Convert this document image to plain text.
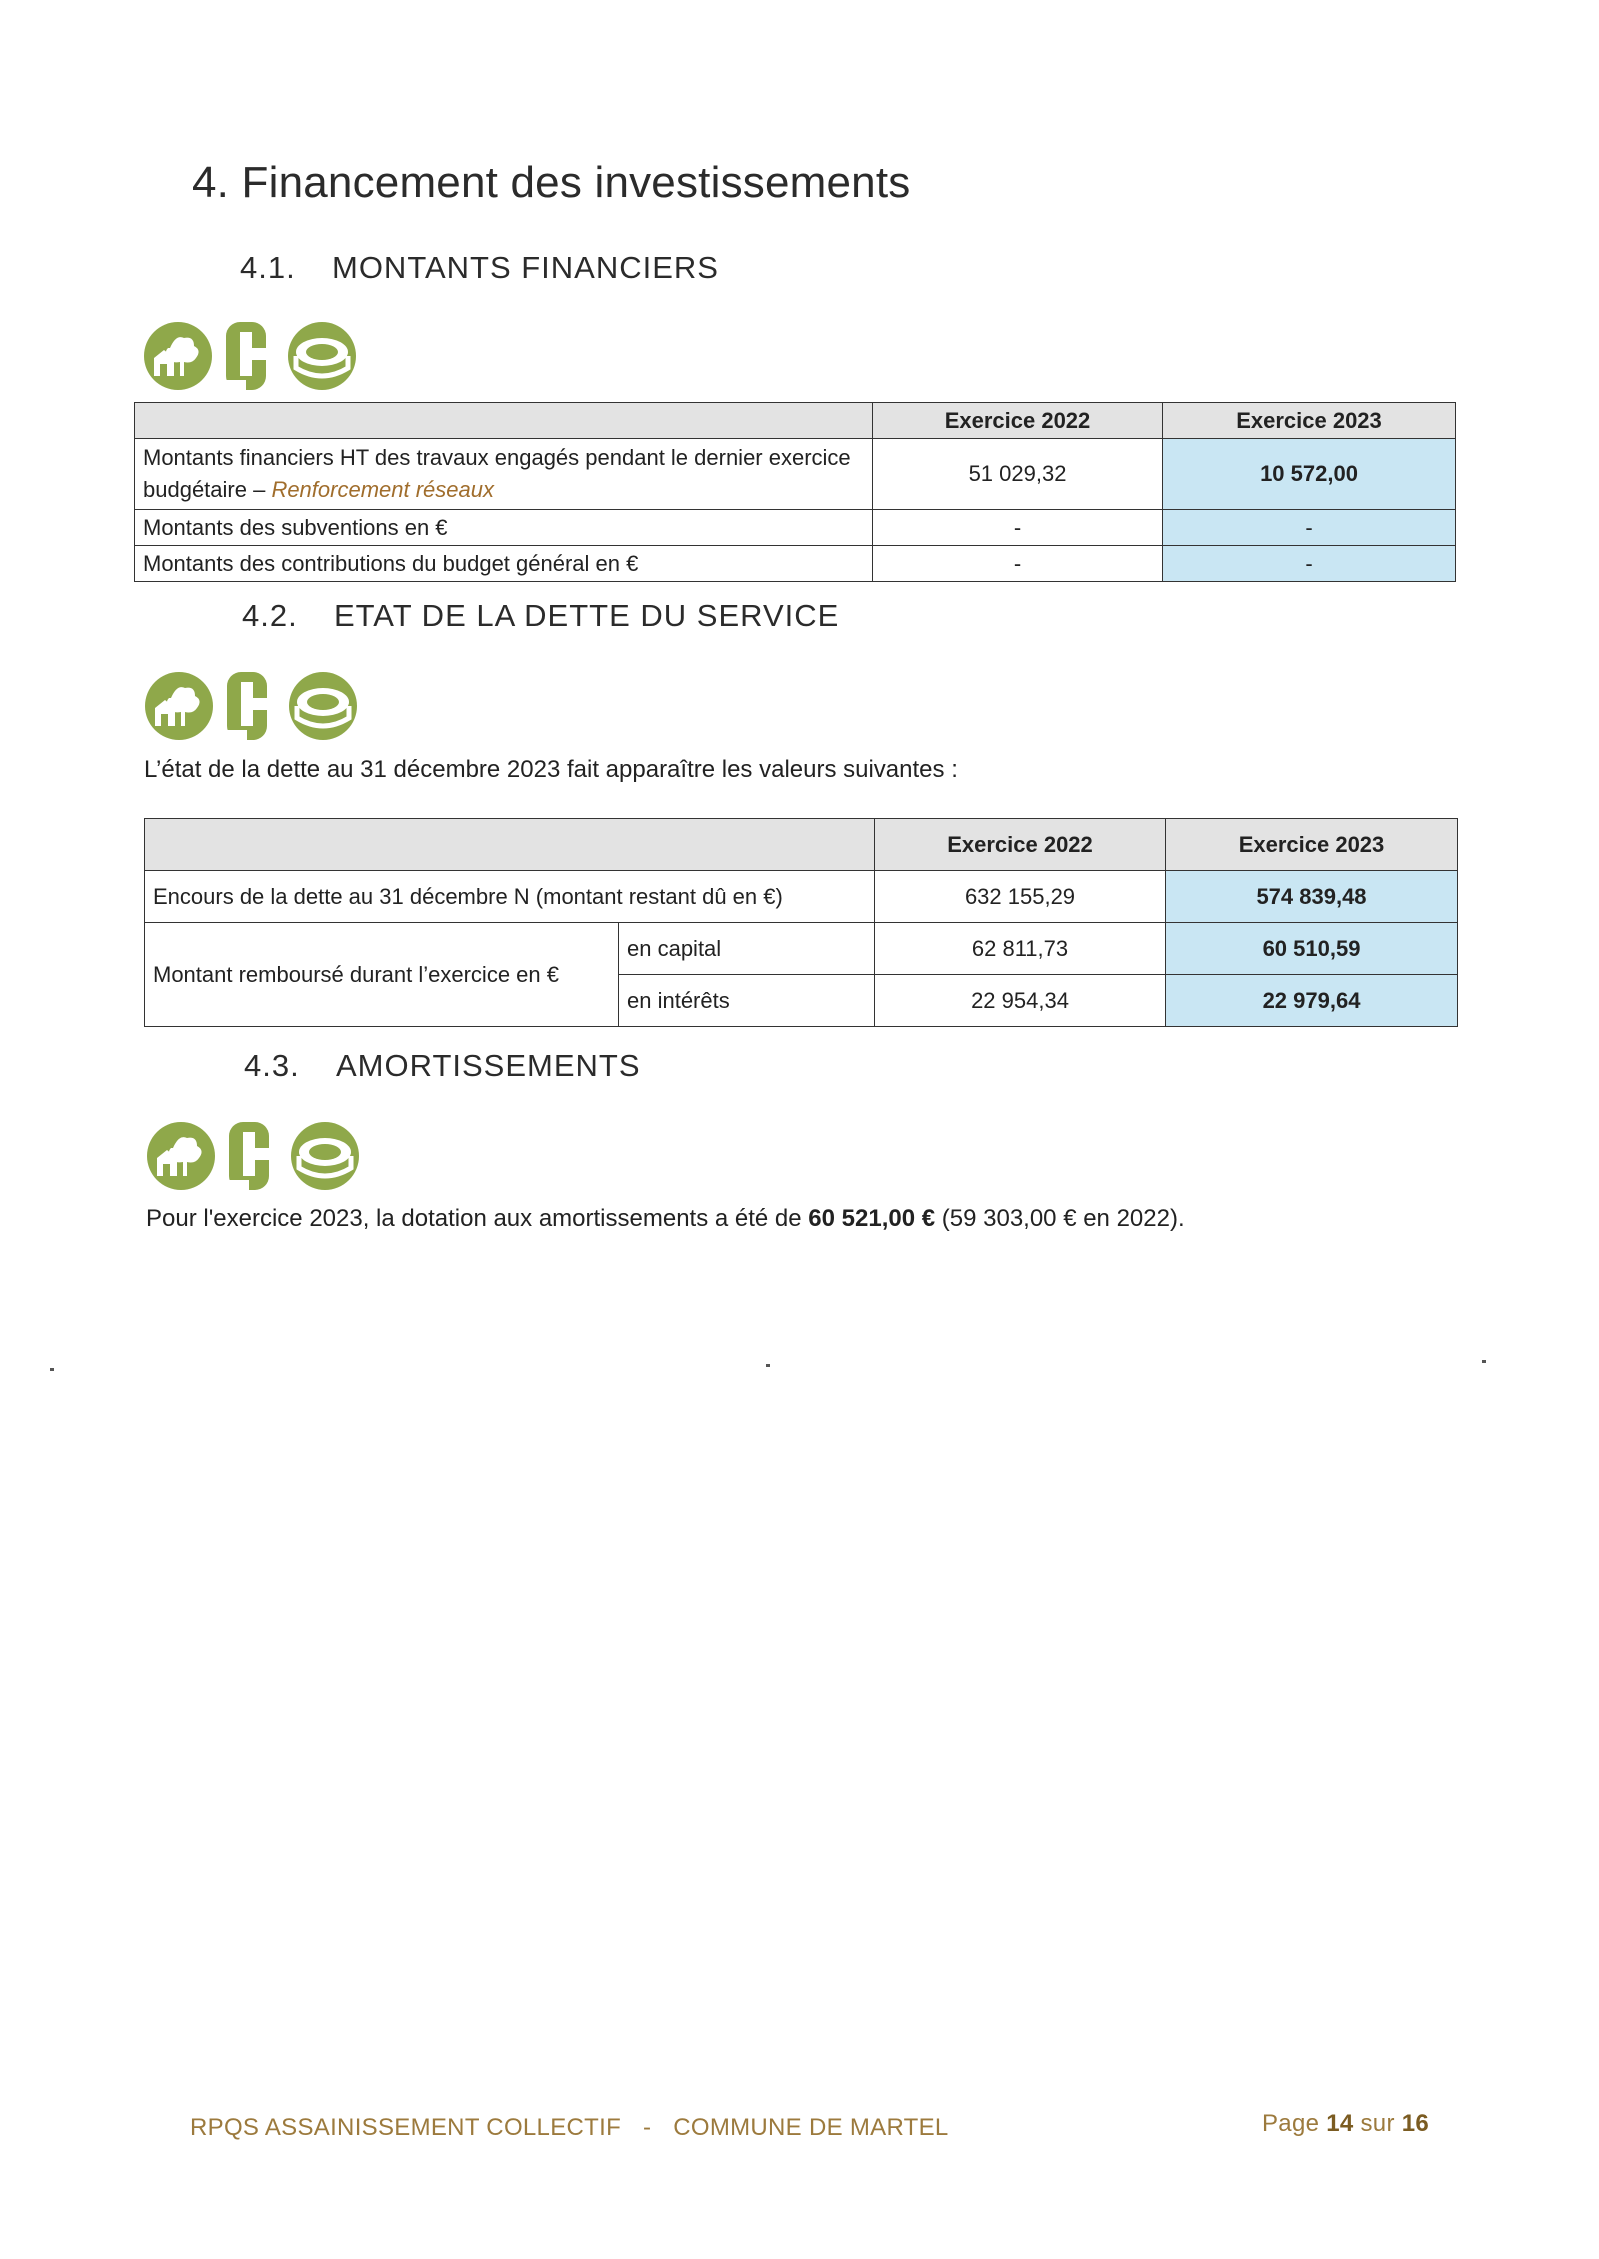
4. Financement des investissements
4.1. MONTANTS FINANCIERS
	Exercice 2022	Exercice 2023
Montants financiers HT des travaux engagés pendant le dernier exercice budgétaire – Renforcement réseaux	51 029,32	10 572,00
Montants des subventions en €	-	-
Montants des contributions du budget général en €	-	-
4.2. ETAT DE LA DETTE DU SERVICE

L’état de la dette au 31 décembre 2023 fait apparaître les valeurs suivantes :

		Exercice 2022	Exercice 2023
Encours de la dette au 31 décembre N (montant restant dû en €)		632 155,29	574 839,48
Montant remboursé durant l’exercice en €	en capital	62 811,73	60 510,59
	en intérêts	22 954,34	22 979,64
4.3. AMORTISSEMENTS

Pour l'exercice 2023, la dotation aux amortissements a été de 60 521,00 € (59 303,00 € en 2022).

RPQS ASSAINISSEMENT COLLECTIF - COMMUNE DE MARTEL	Page 14 sur 16
